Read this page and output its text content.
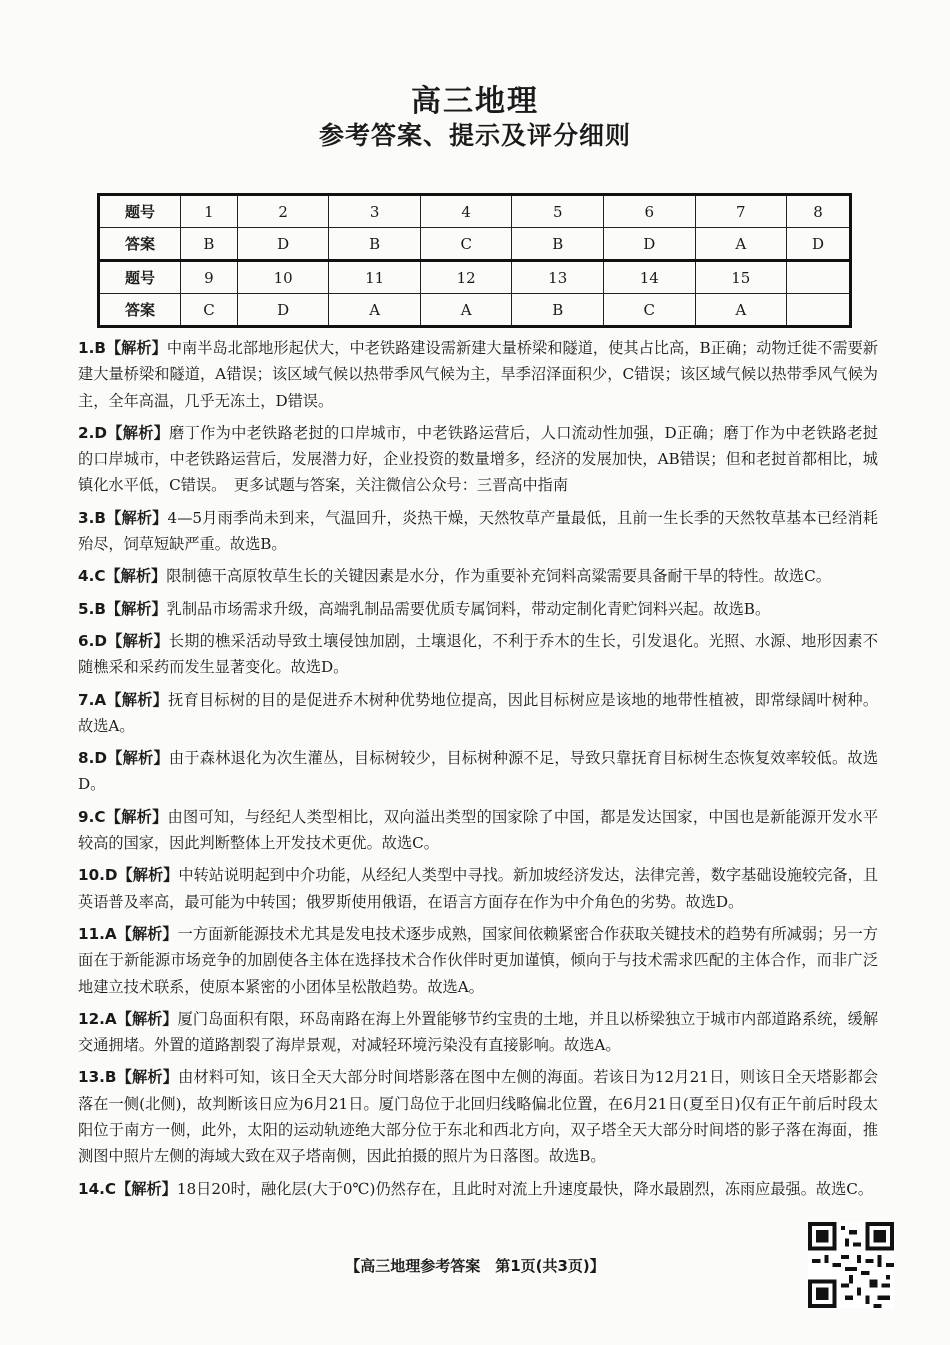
高三地理
参考答案、提示及评分细则
题号	1	2	3	4	5	6	7	8
答案	B	D	B	C	B	D	A	D
题号	9	10	11	12	13	14	15	
答案	C	D	A	A	B	C	A	
1.B【解析】中南半岛北部地形起伏大，中老铁路建设需新建大量桥梁和隧道，使其占比高，B正确；动物迁徙不需要新建大量桥梁和隧道，A错误；该区域气候以热带季风气候为主，旱季沼泽面积少，C错误；该区域气候以热带季风气候为主，全年高温，几乎无冻土，D错误。
2.D【解析】磨丁作为中老铁路老挝的口岸城市，中老铁路运营后，人口流动性加强，D正确；磨丁作为中老铁路老挝的口岸城市，中老铁路运营后，发展潜力好，企业投资的数量增多，经济的发展加快，AB错误；但和老挝首都相比，城镇化水平低，C错误。　更多试题与答案，关注微信公众号：三晋高中指南
3.B【解析】4—5月雨季尚未到来，气温回升，炎热干燥，天然牧草产量最低，且前一生长季的天然牧草基本已经消耗殆尽，饲草短缺严重。故选B。
4.C【解析】限制德干高原牧草生长的关键因素是水分，作为重要补充饲料高粱需要具备耐干旱的特性。故选C。
5.B【解析】乳制品市场需求升级，高端乳制品需要优质专属饲料，带动定制化青贮饲料兴起。故选B。
6.D【解析】长期的樵采活动导致土壤侵蚀加剧，土壤退化，不利于乔木的生长，引发退化。光照、水源、地形因素不随樵采和采药而发生显著变化。故选D。
7.A【解析】抚育目标树的目的是促进乔木树种优势地位提高，因此目标树应是该地的地带性植被，即常绿阔叶树种。故选A。
8.D【解析】由于森林退化为次生灌丛，目标树较少，目标树种源不足，导致只靠抚育目标树生态恢复效率较低。故选D。
9.C【解析】由图可知，与经纪人类型相比，双向溢出类型的国家除了中国，都是发达国家，中国也是新能源开发水平较高的国家，因此判断整体上开发技术更优。故选C。
10.D【解析】中转站说明起到中介功能，从经纪人类型中寻找。新加坡经济发达，法律完善，数字基础设施较完备，且英语普及率高，最可能为中转国；俄罗斯使用俄语，在语言方面存在作为中介角色的劣势。故选D。
11.A【解析】一方面新能源技术尤其是发电技术逐步成熟，国家间依赖紧密合作获取关键技术的趋势有所减弱；另一方面在于新能源市场竞争的加剧使各主体在选择技术合作伙伴时更加谨慎，倾向于与技术需求匹配的主体合作，而非广泛地建立技术联系，使原本紧密的小团体呈松散趋势。故选A。
12.A【解析】厦门岛面积有限，环岛南路在海上外置能够节约宝贵的土地，并且以桥梁独立于城市内部道路系统，缓解交通拥堵。外置的道路割裂了海岸景观，对减轻环境污染没有直接影响。故选A。
13.B【解析】由材料可知，该日全天大部分时间塔影落在图中左侧的海面。若该日为12月21日，则该日全天塔影都会落在一侧(北侧)，故判断该日应为6月21日。厦门岛位于北回归线略偏北位置，在6月21日(夏至日)仅有正午前后时段太阳位于南方一侧，此外，太阳的运动轨迹绝大部分位于东北和西北方向，双子塔全天大部分时间塔的影子落在海面，推测图中照片左侧的海域大致在双子塔南侧，因此拍摄的照片为日落图。故选B。
14.C【解析】18日20时，融化层(大于0℃)仍然存在，且此时对流上升速度最快，降水最剧烈，冻雨应最强。故选C。
【高三地理参考答案　第1页(共3页)】
